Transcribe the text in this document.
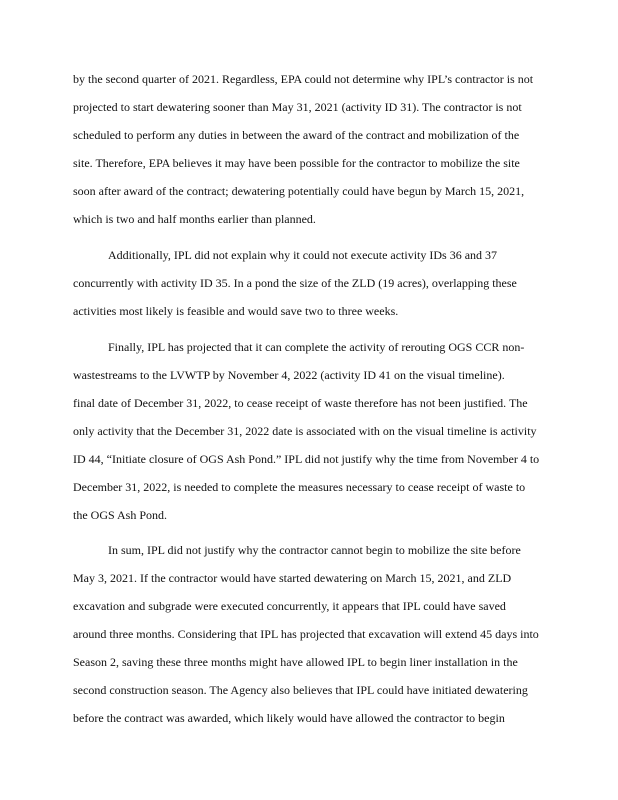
by the second quarter of 2021. Regardless, EPA could not determine why IPL’s contractor is not
projected to start dewatering sooner than May 31, 2021 (activity ID 31). The contractor is not
scheduled to perform any duties in between the award of the contract and mobilization of the
site. Therefore, EPA believes it may have been possible for the contractor to mobilize the site
soon after award of the contract; dewatering potentially could have begun by March 15, 2021,
which is two and half months earlier than planned.
Additionally, IPL did not explain why it could not execute activity IDs 36 and 37
concurrently with activity ID 35. In a pond the size of the ZLD (19 acres), overlapping these
activities most likely is feasible and would save two to three weeks.
Finally, IPL has projected that it can complete the activity of rerouting OGS CCR non-
wastestreams to the LVWTP by November 4, 2022 (activity ID 41 on the visual timeline).
final date of December 31, 2022, to cease receipt of waste therefore has not been justified. The
only activity that the December 31, 2022 date is associated with on the visual timeline is activity
ID 44, “Initiate closure of OGS Ash Pond.” IPL did not justify why the time from November 4 to
December 31, 2022, is needed to complete the measures necessary to cease receipt of waste to
the OGS Ash Pond.
In sum, IPL did not justify why the contractor cannot begin to mobilize the site before
May 3, 2021. If the contractor would have started dewatering on March 15, 2021, and ZLD
excavation and subgrade were executed concurrently, it appears that IPL could have saved
around three months. Considering that IPL has projected that excavation will extend 45 days into
Season 2, saving these three months might have allowed IPL to begin liner installation in the
second construction season. The Agency also believes that IPL could have initiated dewatering
before the contract was awarded, which likely would have allowed the contractor to begin
